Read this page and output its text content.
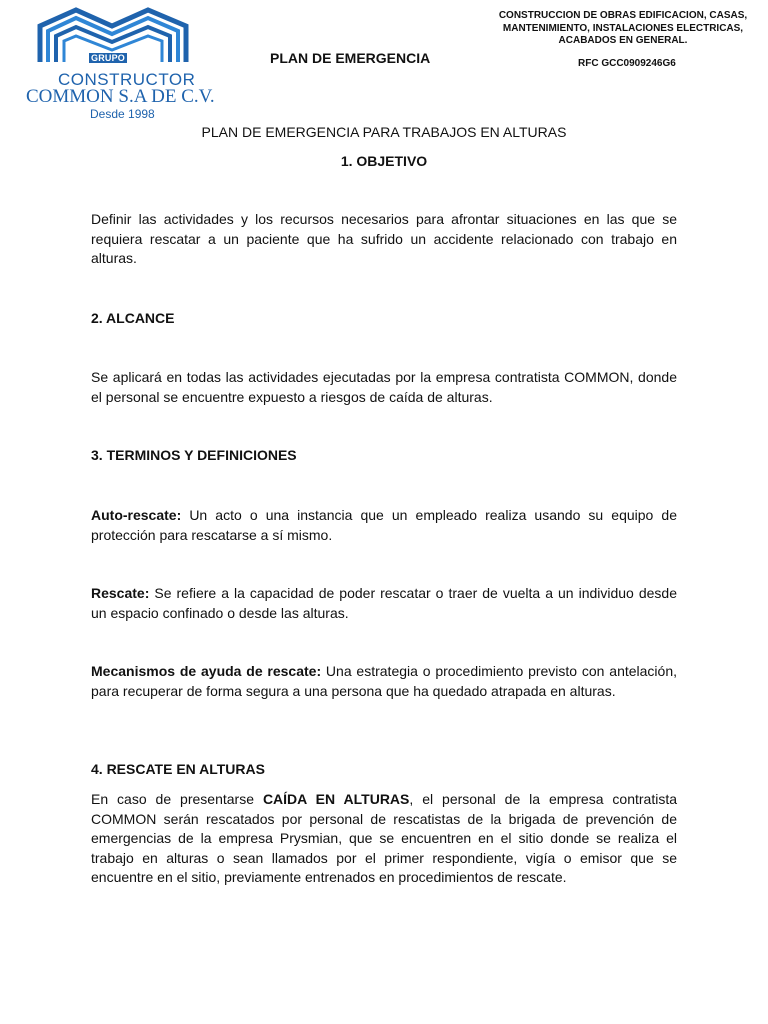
GRUPO
CONSTRUCTOR
COMMON S.A DE C.V.
Desde 1998
PLAN DE EMERGENCIA
CONSTRUCCION DE OBRAS EDIFICACION, CASAS, MANTENIMIENTO, INSTALACIONES ELECTRICAS, ACABADOS EN GENERAL.
RFC GCC0909246G6
PLAN DE EMERGENCIA PARA TRABAJOS EN ALTURAS
1. OBJETIVO
Definir las actividades y los recursos necesarios para afrontar situaciones en las que se requiera rescatar a un paciente que ha sufrido un accidente relacionado con trabajo en alturas.
2. ALCANCE
Se aplicará en todas las actividades ejecutadas por la empresa contratista COMMON, donde el personal se encuentre expuesto a riesgos de caída de alturas.
3. TERMINOS Y DEFINICIONES
Auto-rescate: Un acto o una instancia que un empleado realiza usando su equipo de protección para rescatarse a sí mismo.
Rescate: Se refiere a la capacidad de poder rescatar o traer de vuelta a un individuo desde un espacio confinado o desde las alturas.
Mecanismos de ayuda de rescate: Una estrategia o procedimiento previsto con antelación, para recuperar de forma segura a una persona que ha quedado atrapada en alturas.
4. RESCATE EN ALTURAS
En caso de presentarse CAÍDA EN ALTURAS, el personal de la empresa contratista COMMON serán rescatados por personal de rescatistas de la brigada de prevención de emergencias de la empresa Prysmian, que se encuentren en el sitio donde se realiza el trabajo en alturas o sean llamados por el primer respondiente, vigía o emisor que se encuentre en el sitio, previamente entrenados en procedimientos de rescate.
